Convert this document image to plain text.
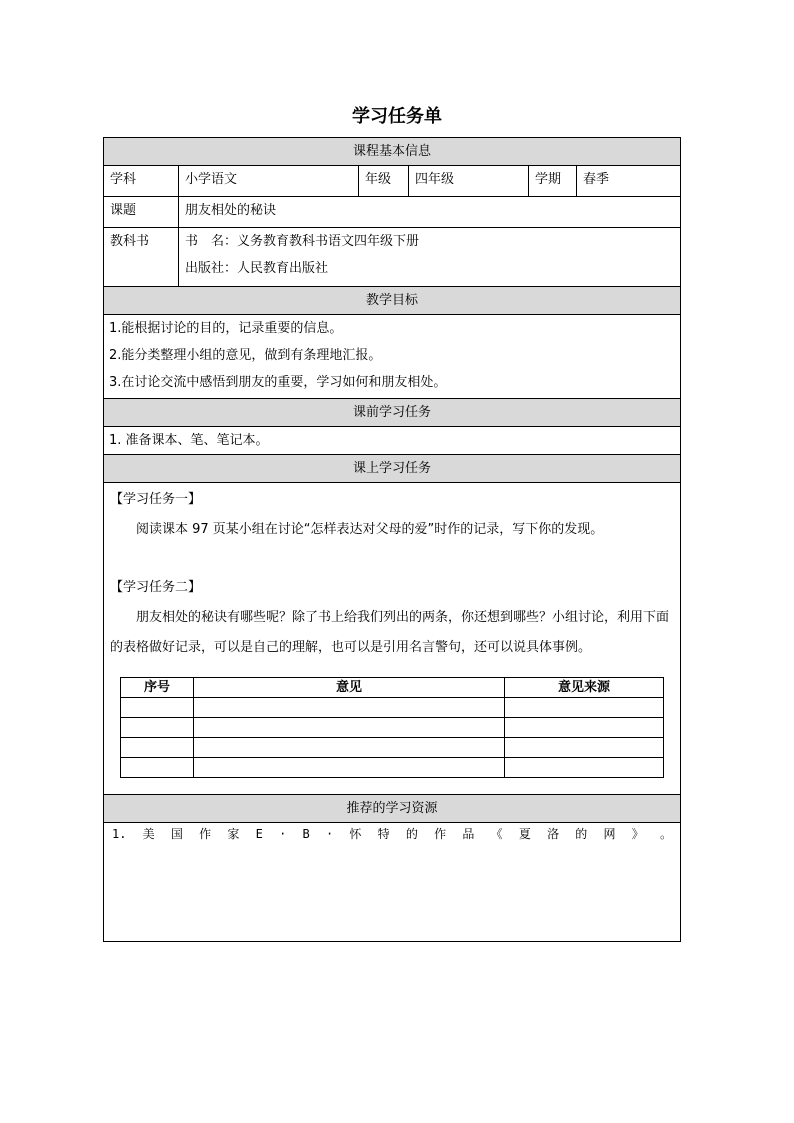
学习任务单
课程基本信息
学科	小学语文	年级	四年级	学期	春季
课题	朋友相处的秘诀
教科书	书　名：义务教育教科书语文四年级下册
出版社：人民教育出版社

教学目标

1.能根据讨论的目的，记录重要的信息。
2.能分类整理小组的意见，做到有条理地汇报。
3.在讨论交流中感悟到朋友的重要，学习如何和朋友相处。

课前学习任务
1. 准备课本、笔、笔记本。
课上学习任务

【学习任务一】
阅读课本 97 页某小组在讨论“怎样表达对父母的爱”时作的记录，写下你的发现。
【学习任务二】
朋友相处的秘诀有哪些呢？除了书上给我们列出的两条，你还想到哪些？小组讨论，利用下面的表格做好记录，可以是自己的理解，也可以是引用名言警句，还可以说具体事例。
序号	意见	意见来源

推荐的学习资源

1. 美 国 作 家 E · B · 怀 特 的 作 品 《 夏 洛 的 网 》 。
